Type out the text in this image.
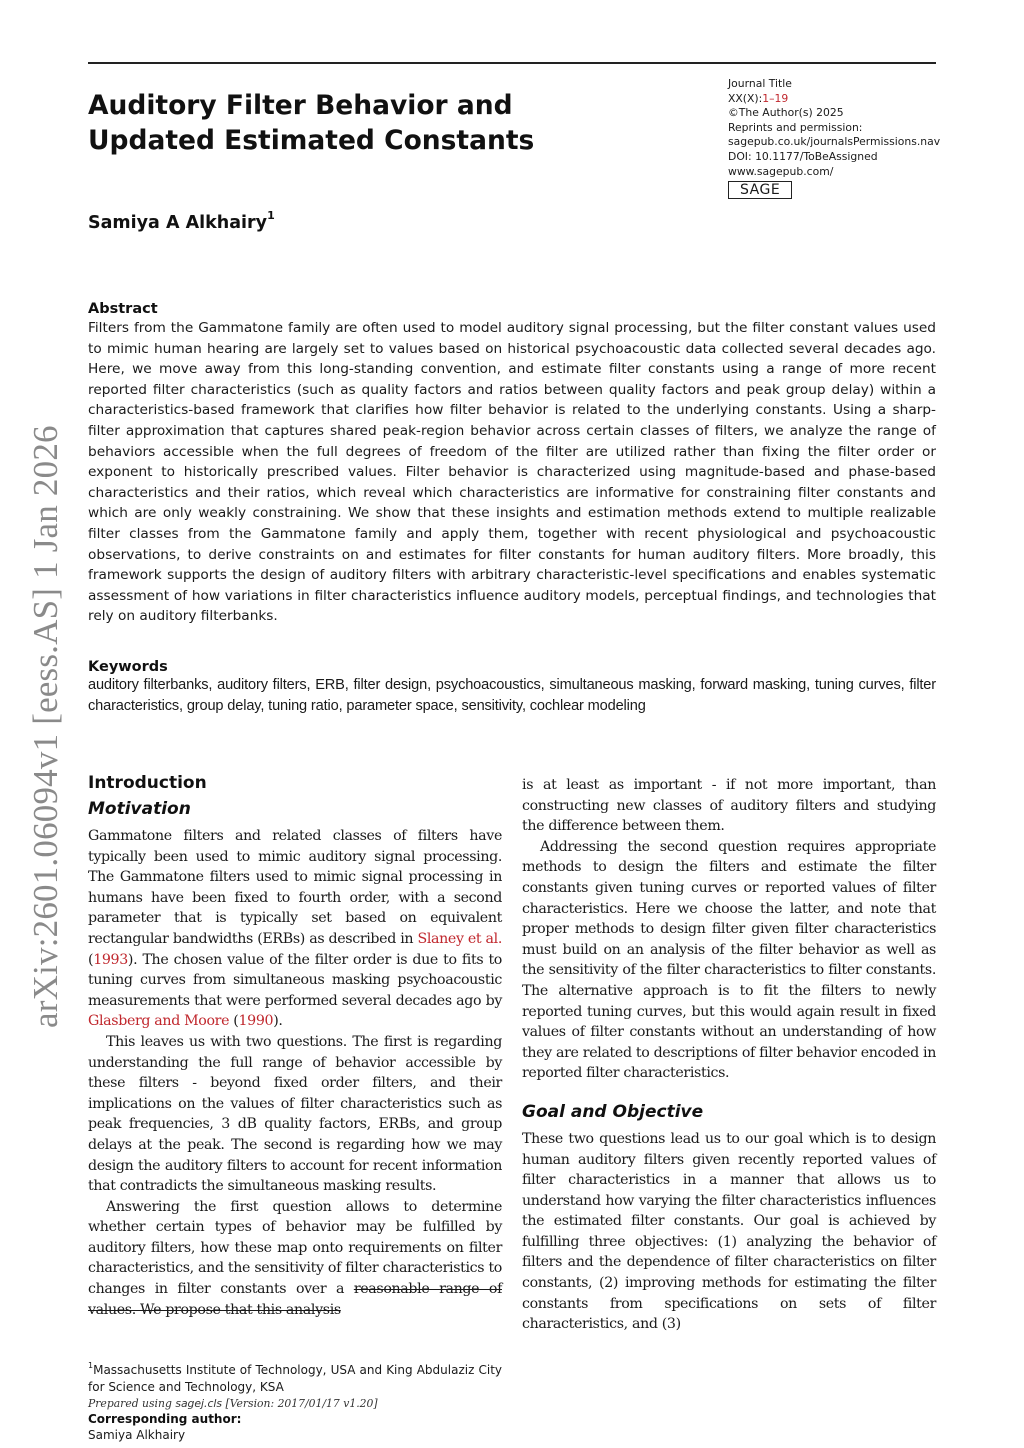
arXiv:2601.06094v1 [eess.AS] 1 Jan 2026
Auditory Filter Behavior and Updated Estimated Constants
Samiya A Alkhairy$^1$
Journal Title
XX(X):1–19
©The Author(s) 2025
Reprints and permission:
sagepub.co.uk/journalsPermissions.nav
DOI: 10.1177/ToBeAssigned
www.sagepub.com/
SAGE
Abstract

Filters from the Gammatone family are often used to model auditory signal processing, but the filter constant values used to mimic human hearing are largely set to values based on historical psychoacoustic data collected several decades ago. Here, we move away from this long-standing convention, and estimate filter constants using a range of more recent reported filter characteristics (such as quality factors and ratios between quality factors and peak group delay) within a characteristics-based framework that clarifies how filter behavior is related to the underlying constants. Using a sharp-filter approximation that captures shared peak-region behavior across certain classes of filters, we analyze the range of behaviors accessible when the full degrees of freedom of the filter are utilized rather than fixing the filter order or exponent to historically prescribed values. Filter behavior is characterized using magnitude-based and phase-based characteristics and their ratios, which reveal which characteristics are informative for constraining filter constants and which are only weakly constraining. We show that these insights and estimation methods extend to multiple realizable filter classes from the Gammatone family and apply them, together with recent physiological and psychoacoustic observations, to derive constraints on and estimates for filter constants for human auditory filters. More broadly, this framework supports the design of auditory filters with arbitrary characteristic-level specifications and enables systematic assessment of how variations in filter characteristics influence auditory models, perceptual findings, and technologies that rely on auditory filterbanks.

Keywords

auditory filterbanks, auditory filters, ERB, filter design, psychoacoustics, simultaneous masking, forward masking, tuning curves, filter characteristics, group delay, tuning ratio, parameter space, sensitivity, cochlear modeling

Introduction
Motivation

Gammatone filters and related classes of filters have typically been used to mimic auditory signal processing. The Gammatone filters used to mimic signal processing in humans have been fixed to fourth order, with a second parameter that is typically set based on equivalent rectangular bandwidths (ERBs) as described in Slaney et al. (1993). The chosen value of the filter order is due to fits to tuning curves from simultaneous masking psychoacoustic measurements that were performed several decades ago by Glasberg and Moore (1990).

This leaves us with two questions. The first is regarding understanding the full range of behavior accessible by these filters - beyond fixed order filters, and their implications on the values of filter characteristics such as peak frequencies, 3 dB quality factors, ERBs, and group delays at the peak. The second is regarding how we may design the auditory filters to account for recent information that contradicts the simultaneous masking results.

Answering the first question allows to determine whether certain types of behavior may be fulfilled by auditory filters, how these map onto requirements on filter characteristics, and the sensitivity of filter characteristics to changes in filter constants over a reasonable range of values. We propose that this analysis

$^1$Massachusetts Institute of Technology, USA and King Abdulaziz City for Science and Technology, KSA
Prepared using sagej.cls [Version: 2017/01/17 v1.20]
Corresponding author:
Samiya Alkhairy

is at least as important - if not more important, than constructing new classes of auditory filters and studying the difference between them.

Addressing the second question requires appropriate methods to design the filters and estimate the filter constants given tuning curves or reported values of filter characteristics. Here we choose the latter, and note that proper methods to design filter given filter characteristics must build on an analysis of the filter behavior as well as the sensitivity of the filter characteristics to filter constants. The alternative approach is to fit the filters to newly reported tuning curves, but this would again result in fixed values of filter constants without an understanding of how they are related to descriptions of filter behavior encoded in reported filter characteristics.

Goal and Objective

These two questions lead us to our goal which is to design human auditory filters given recently reported values of filter characteristics in a manner that allows us to understand how varying the filter characteristics influences the estimated filter constants. Our goal is achieved by fulfilling three objectives: (1) analyzing the behavior of filters and the dependence of filter characteristics on filter constants, (2) improving methods for estimating the filter constants from specifications on sets of filter characteristics, and (3)
